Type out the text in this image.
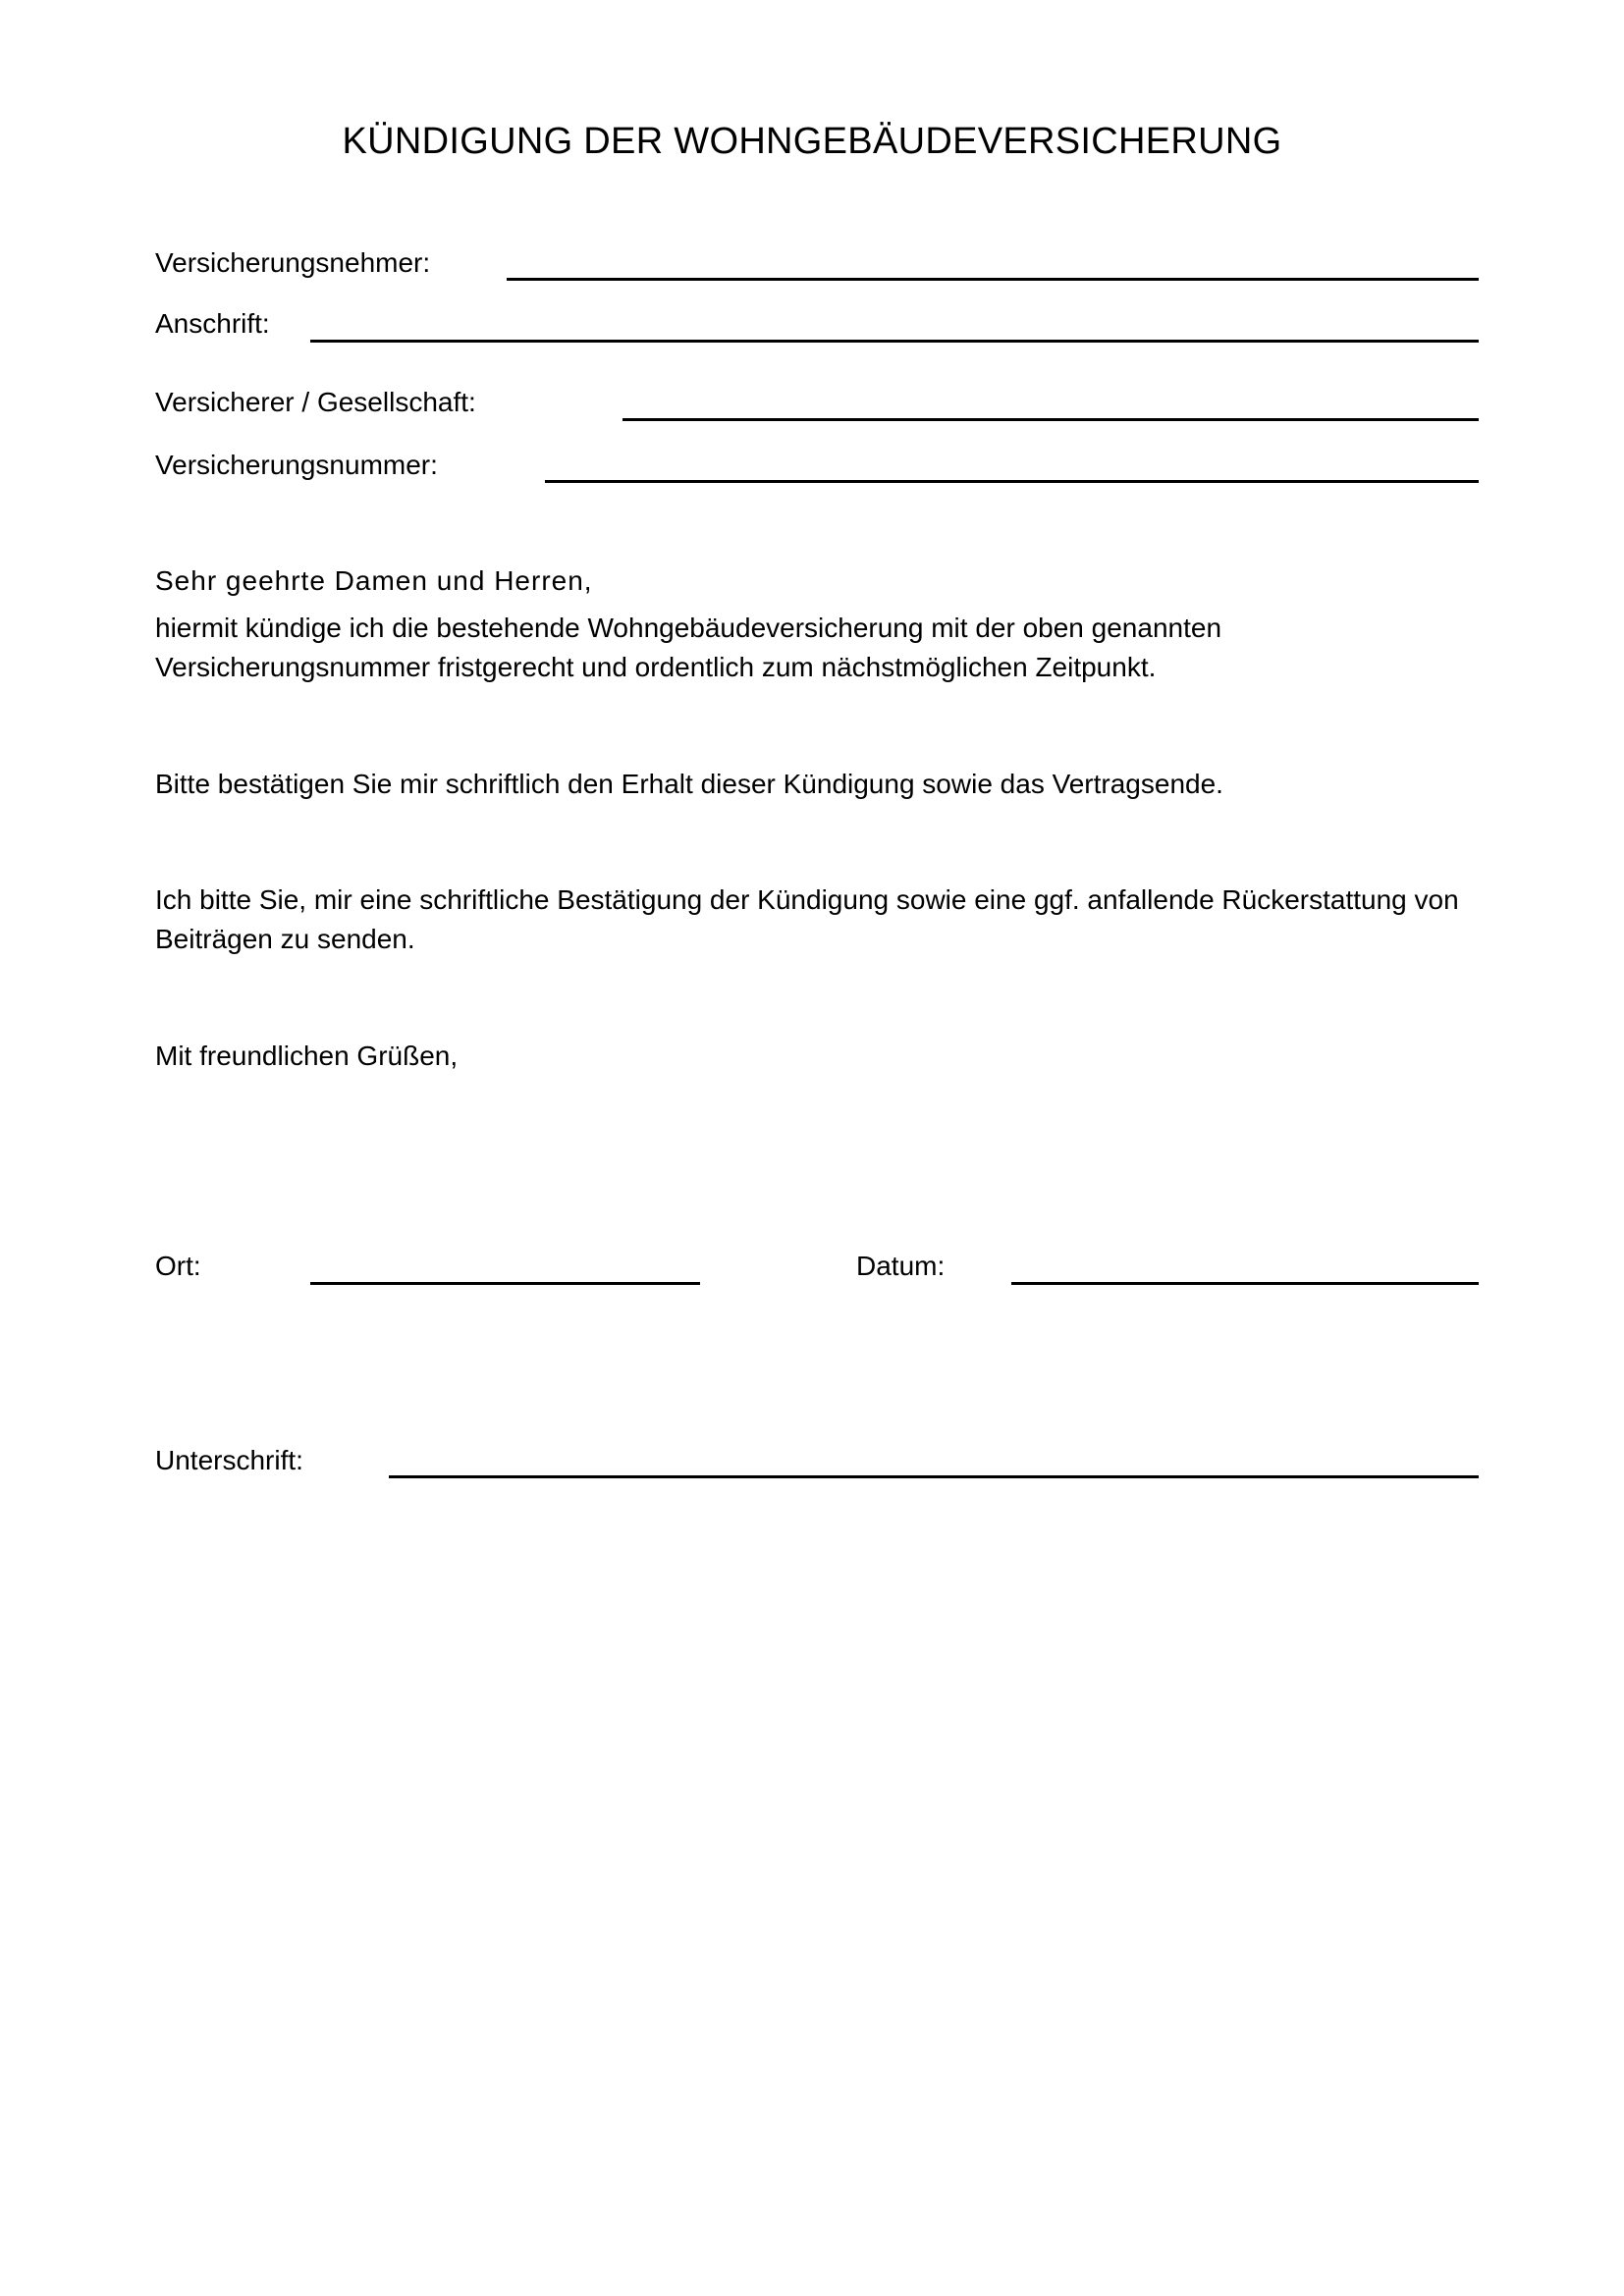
KÜNDIGUNG DER WOHNGEBÄUDEVERSICHERUNG
Versicherungsnehmer:
Anschrift:
Versicherer / Gesellschaft:
Versicherungsnummer:
Sehr geehrte Damen und Herren,
hiermit kündige ich die bestehende Wohngebäudeversicherung mit der oben genannten
Versicherungsnummer fristgerecht und ordentlich zum nächstmöglichen Zeitpunkt.
Bitte bestätigen Sie mir schriftlich den Erhalt dieser Kündigung sowie das Vertragsende.
Ich bitte Sie, mir eine schriftliche Bestätigung der Kündigung sowie eine ggf. anfallende Rückerstattung von
Beiträgen zu senden.
Mit freundlichen Grüßen,
Ort:	Datum:
Unterschrift:
